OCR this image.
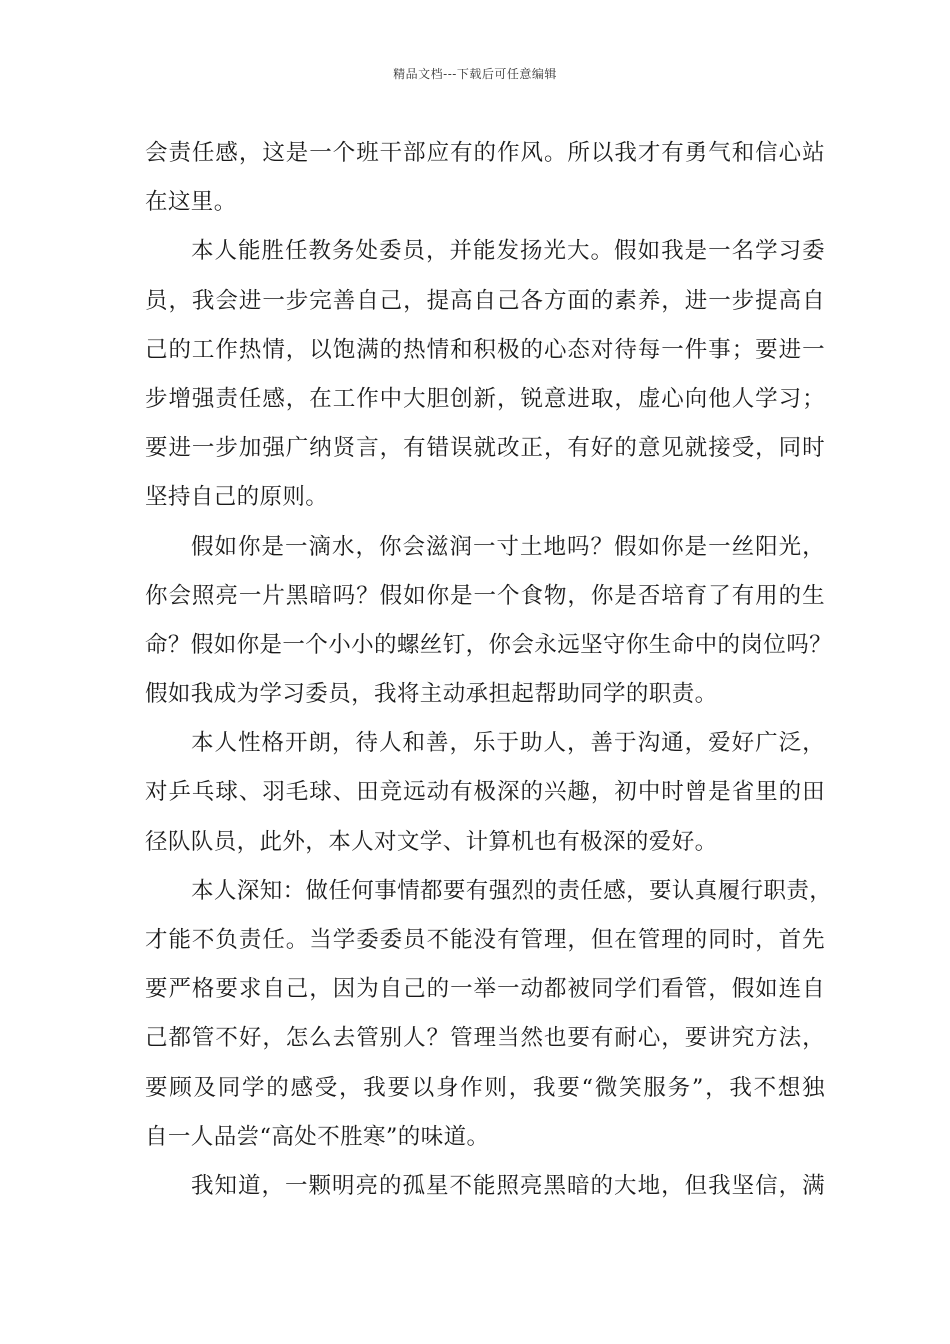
精品文档---下载后可任意编辑
会责任感，这是一个班干部应有的作风。所以我才有勇气和信心站
在这里。
本人能胜任教务处委员，并能发扬光大。假如我是一名学习委
员，我会进一步完善自己，提高自己各方面的素养，进一步提高自
己的工作热情，以饱满的热情和积极的心态对待每一件事；要进一
步增强责任感，在工作中大胆创新，锐意进取，虚心向他人学习；
要进一步加强广纳贤言，有错误就改正，有好的意见就接受，同时
坚持自己的原则。
假如你是一滴水，你会滋润一寸土地吗？假如你是一丝阳光，
你会照亮一片黑暗吗？假如你是一个食物，你是否培育了有用的生
命？假如你是一个小小的螺丝钉，你会永远坚守你生命中的岗位吗？
假如我成为学习委员，我将主动承担起帮助同学的职责。
本人性格开朗，待人和善，乐于助人，善于沟通，爱好广泛，
对乒乓球、羽毛球、田竞远动有极深的兴趣，初中时曾是省里的田
径队队员，此外，本人对文学、计算机也有极深的爱好。
本人深知：做任何事情都要有强烈的责任感，要认真履行职责，
才能不负责任。当学委委员不能没有管理，但在管理的同时，首先
要严格要求自己，因为自己的一举一动都被同学们看管，假如连自
己都管不好，怎么去管别人？管理当然也要有耐心，要讲究方法，
要顾及同学的感受，我要以身作则，我要“微笑服务”，我不想独
自一人品尝“高处不胜寒”的味道。
我知道，一颗明亮的孤星不能照亮黑暗的大地，但我坚信，满
